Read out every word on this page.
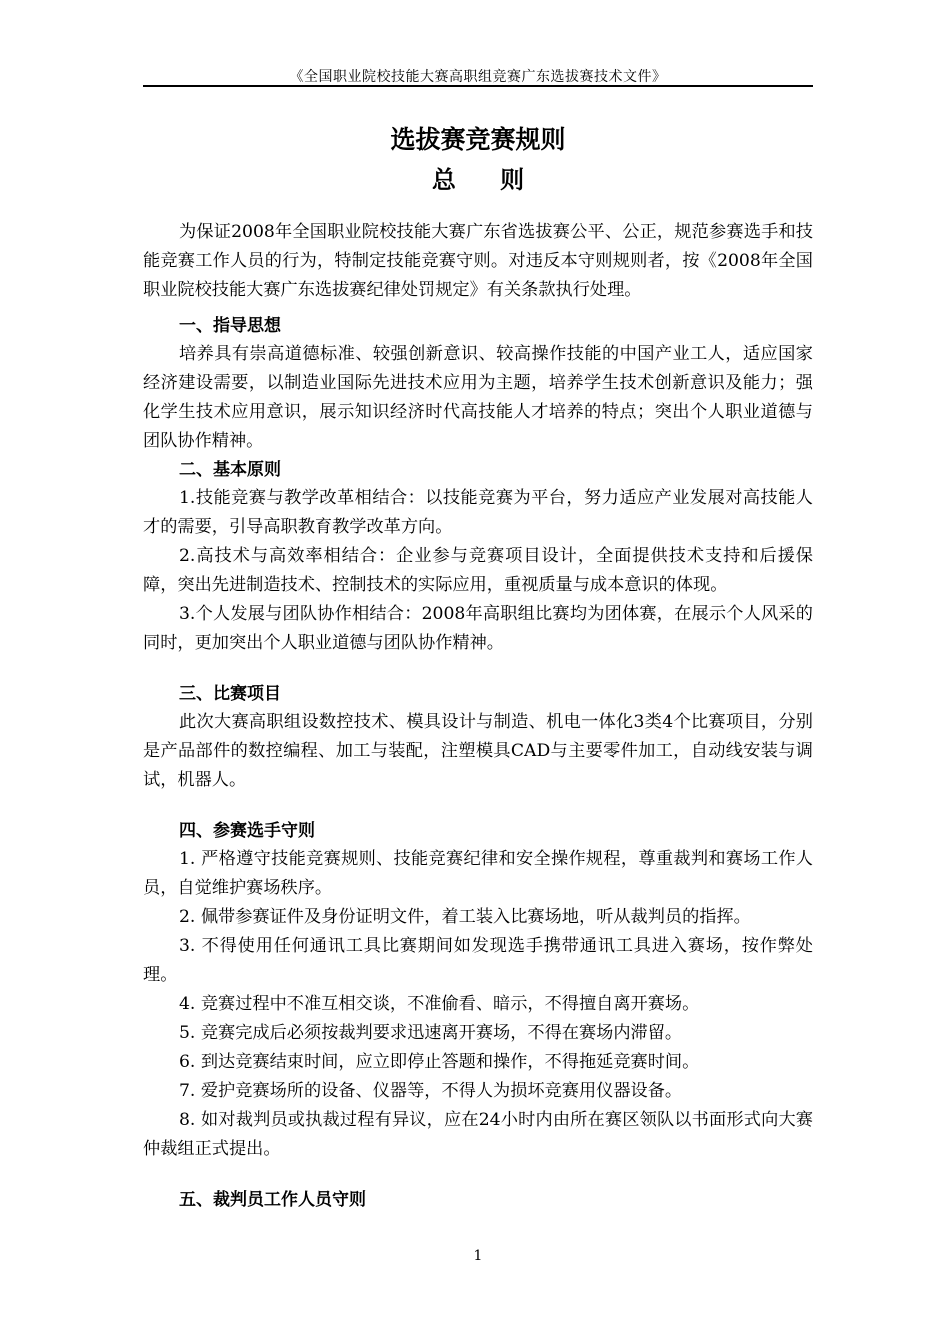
《全国职业院校技能大赛高职组竞赛广东选拔赛技术文件》
选拔赛竞赛规则
总 则

为保证2008年全国职业院校技能大赛广东省选拔赛公平、公正，规范参赛选手和技能竞赛工作人员的行为，特制定技能竞赛守则。对违反本守则规则者，按《2008年全国职业院校技能大赛广东选拔赛纪律处罚规定》有关条款执行处理。

一、指导思想

培养具有崇高道德标准、较强创新意识、较高操作技能的中国产业工人，适应国家经济建设需要，以制造业国际先进技术应用为主题，培养学生技术创新意识及能力；强化学生技术应用意识，展示知识经济时代高技能人才培养的特点；突出个人职业道德与团队协作精神。

二、基本原则

1.技能竞赛与教学改革相结合：以技能竞赛为平台，努力适应产业发展对高技能人才的需要，引导高职教育教学改革方向。

2.高技术与高效率相结合：企业参与竞赛项目设计，全面提供技术支持和后援保障，突出先进制造技术、控制技术的实际应用，重视质量与成本意识的体现。

3.个人发展与团队协作相结合：2008年高职组比赛均为团体赛，在展示个人风采的同时，更加突出个人职业道德与团队协作精神。

三、比赛项目

此次大赛高职组设数控技术、模具设计与制造、机电一体化3类4个比赛项目，分别是产品部件的数控编程、加工与装配，注塑模具CAD与主要零件加工，自动线安装与调试，机器人。

四、参赛选手守则

1. 严格遵守技能竞赛规则、技能竞赛纪律和安全操作规程，尊重裁判和赛场工作人员，自觉维护赛场秩序。

2. 佩带参赛证件及身份证明文件，着工装入比赛场地，听从裁判员的指挥。

3. 不得使用任何通讯工具比赛期间如发现选手携带通讯工具进入赛场，按作弊处理。

4. 竞赛过程中不准互相交谈，不准偷看、暗示，不得擅自离开赛场。

5. 竞赛完成后必须按裁判要求迅速离开赛场，不得在赛场内滞留。

6. 到达竞赛结束时间，应立即停止答题和操作，不得拖延竞赛时间。

7. 爱护竞赛场所的设备、仪器等，不得人为损坏竞赛用仪器设备。

8. 如对裁判员或执裁过程有异议，应在24小时内由所在赛区领队以书面形式向大赛仲裁组正式提出。

五、裁判员工作人员守则

1
